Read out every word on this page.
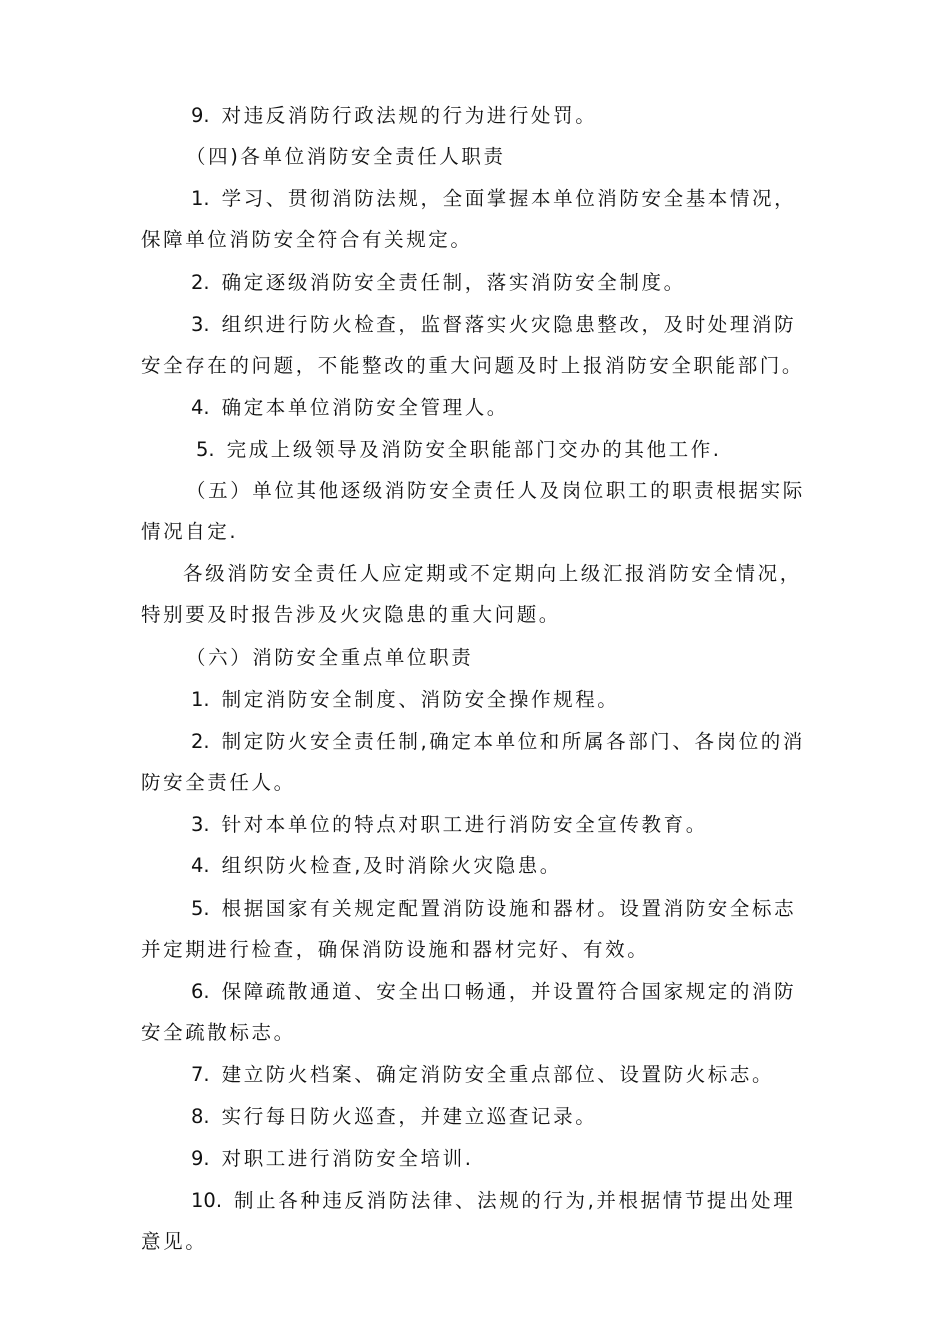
9. 对违反消防行政法规的行为进行处罚。
（四)各单位消防安全责任人职责
1. 学习、贯彻消防法规，全面掌握本单位消防安全基本情况，
保障单位消防安全符合有关规定。
2. 确定逐级消防安全责任制，落实消防安全制度。
3. 组织进行防火检查，监督落实火灾隐患整改，及时处理消防
安全存在的问题，不能整改的重大问题及时上报消防安全职能部门。
4. 确定本单位消防安全管理人。
5. 完成上级领导及消防安全职能部门交办的其他工作.
（五）单位其他逐级消防安全责任人及岗位职工的职责根据实际
情况自定.
各级消防安全责任人应定期或不定期向上级汇报消防安全情况，
特别要及时报告涉及火灾隐患的重大问题。
（六）消防安全重点单位职责
1. 制定消防安全制度、消防安全操作规程。
2. 制定防火安全责任制,确定本单位和所属各部门、各岗位的消
防安全责任人。
3. 针对本单位的特点对职工进行消防安全宣传教育。
4. 组织防火检查,及时消除火灾隐患。
5. 根据国家有关规定配置消防设施和器材。设置消防安全标志
并定期进行检查，确保消防设施和器材完好、有效。
6. 保障疏散通道、安全出口畅通，并设置符合国家规定的消防
安全疏散标志。
7. 建立防火档案、确定消防安全重点部位、设置防火标志。
8. 实行每日防火巡查，并建立巡查记录。
9. 对职工进行消防安全培训.
10. 制止各种违反消防法律、法规的行为,并根据情节提出处理
意见。
